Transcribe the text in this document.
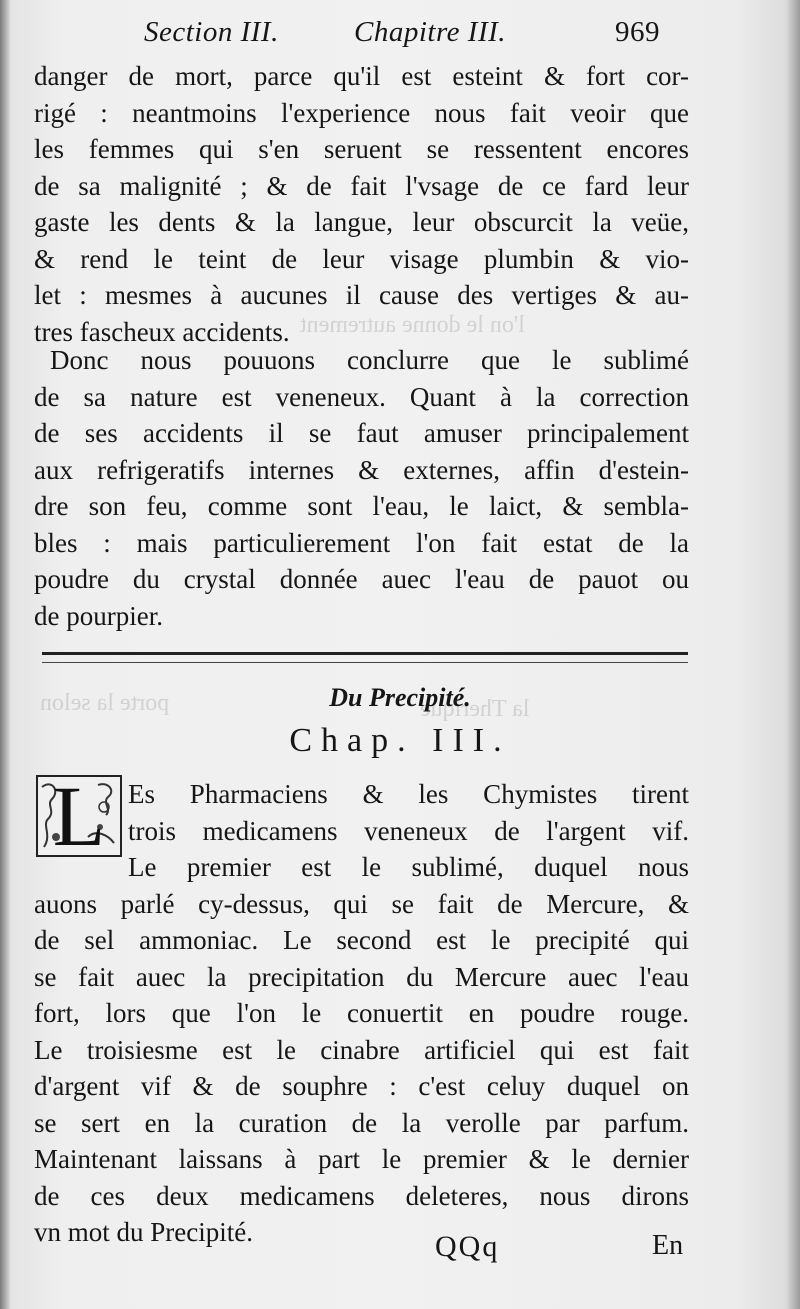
l'on le donne autrement
porte la selon	la Therique
Section III.	Chapitre III.	969
danger de mort, parce qu'il est esteint & fort cor-
rigé : neantmoins l'experience nous fait veoir que
les femmes qui s'en seruent se ressentent encores
de sa malignité ; & de fait l'vsage de ce fard leur
gaste les dents & la langue, leur obscurcit la veüe,
& rend le teint de leur visage plumbin & vio-
let : mesmes à aucunes il cause des vertiges & au-
tres fascheux accidents.
Donc nous pouuons conclurre que le sublimé
de sa nature est veneneux. Quant à la correction
de ses accidents il se faut amuser principalement
aux refrigeratifs internes & externes, affin d'estein-
dre son feu, comme sont l'eau, le laict, & sembla-
bles : mais particulierement l'on fait estat de la
poudre du crystal donnée auec l'eau de pauot ou
de pourpier.
Du Precipité.
Chap. III.
L Es Pharmaciens & les Chymistes tirent
trois medicamens veneneux de l'argent vif.
Le premier est le sublimé, duquel nous
auons parlé cy-dessus, qui se fait de Mercure, &
de sel ammoniac. Le second est le precipité qui
se fait auec la precipitation du Mercure auec l'eau
fort, lors que l'on le conuertit en poudre rouge.
Le troisiesme est le cinabre artificiel qui est fait
d'argent vif & de souphre : c'est celuy duquel on
se sert en la curation de la verolle par parfum.
Maintenant laissans à part le premier & le dernier
de ces deux medicamens deleteres, nous dirons
vn mot du Precipité.	QQq	En
